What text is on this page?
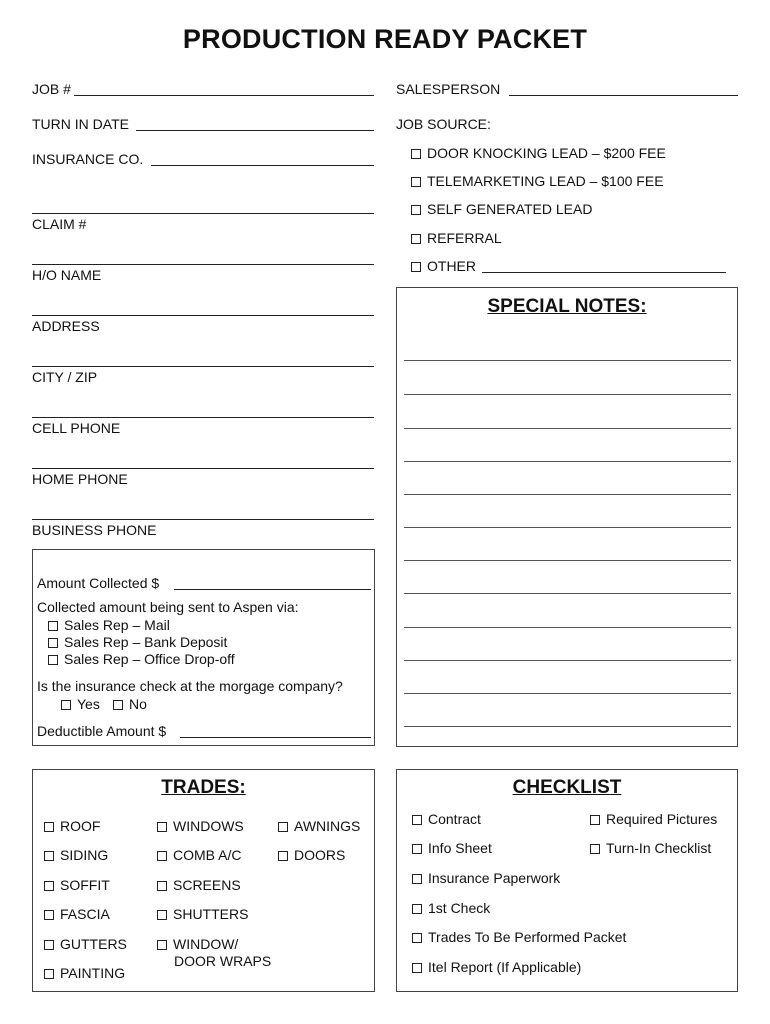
PRODUCTION READY PACKET
JOB #
TURN IN DATE
INSURANCE CO.
CLAIM #
H/O NAME
ADDRESS
CITY / ZIP
CELL PHONE
HOME PHONE
BUSINESS PHONE
Amount Collected $
Collected amount being sent to Aspen via:
Sales Rep – Mail
Sales Rep – Bank Deposit
Sales Rep – Office Drop-off
Is the insurance check at the morgage company?
Yes	No
Deductible Amount $
SALESPERSON
JOB SOURCE:
DOOR KNOCKING LEAD – $200 FEE
TELEMARKETING LEAD – $100 FEE
SELF GENERATED LEAD
REFERRAL
OTHER
SPECIAL NOTES:
TRADES:
ROOF
SIDING
SOFFIT
FASCIA
GUTTERS
PAINTING
WINDOWS
COMB A/C
SCREENS
SHUTTERS
WINDOW/
DOOR WRAPS
AWNINGS
DOORS
CHECKLIST
Contract
Info Sheet
Insurance Paperwork
1st Check
Trades To Be Performed Packet
Itel Report (If Applicable)
Required Pictures
Turn-In Checklist
